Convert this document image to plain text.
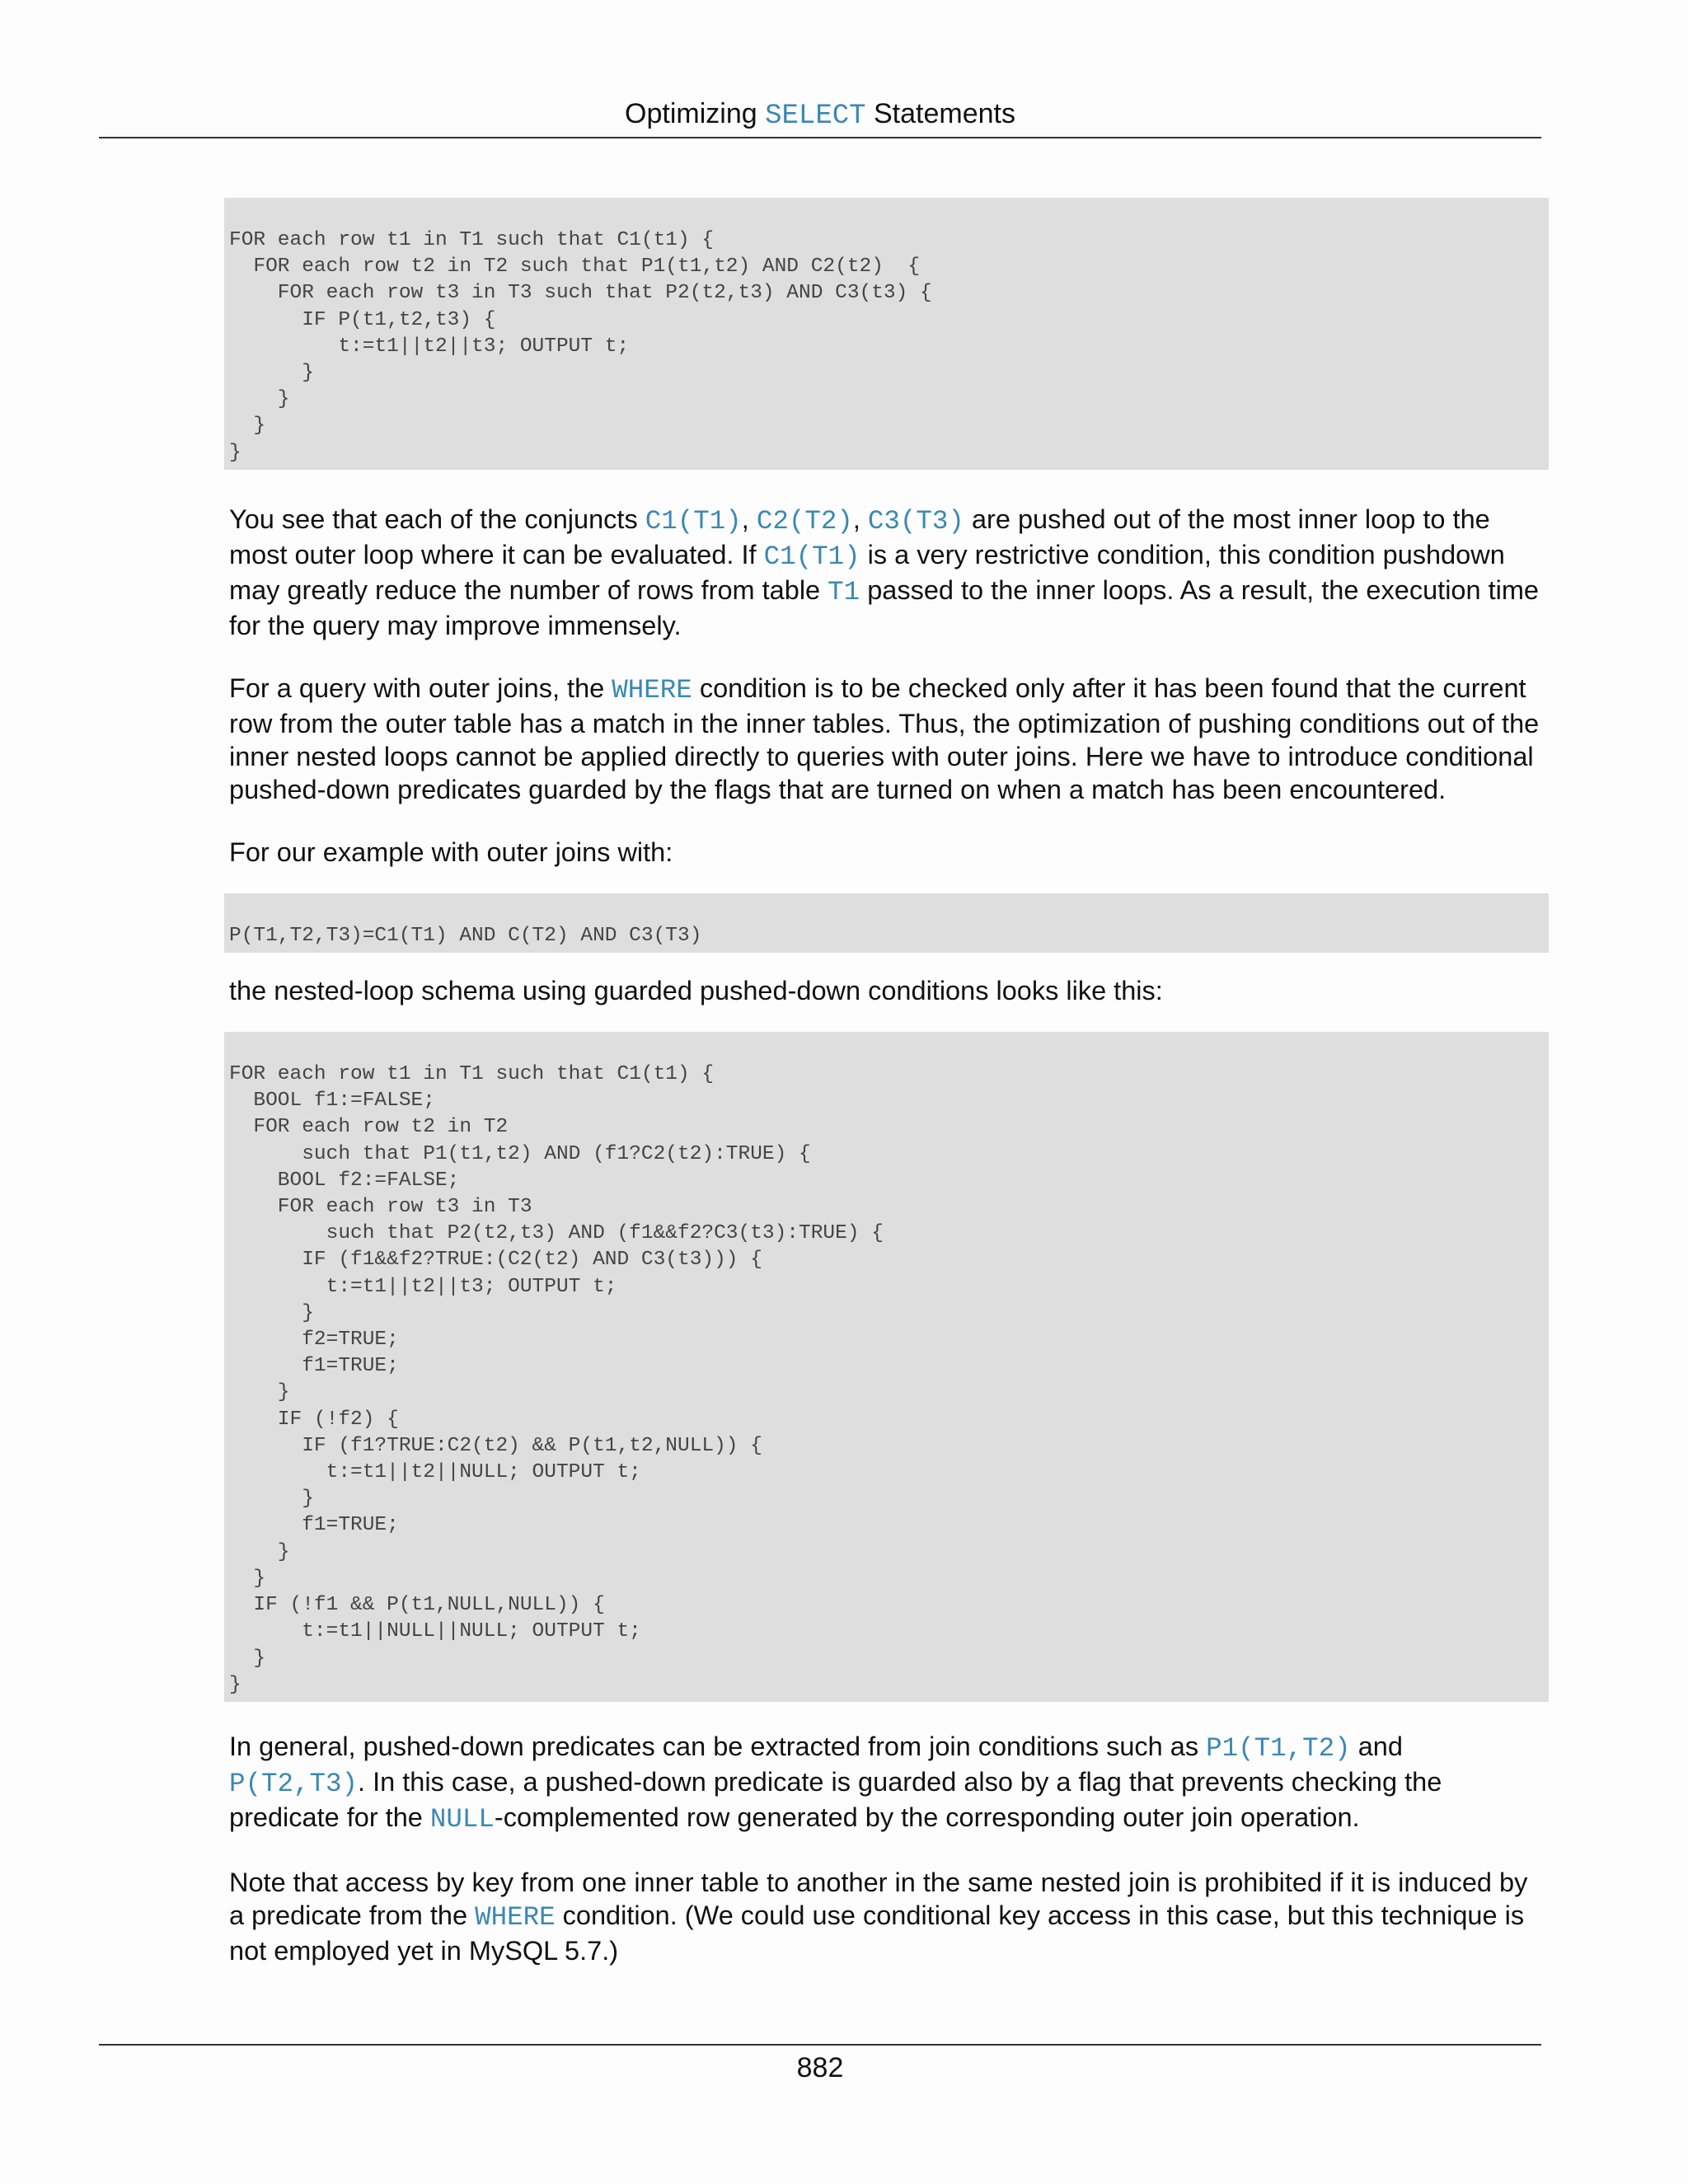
Optimizing SELECT Statements
FOR each row t1 in T1 such that C1(t1) {
FOR each row t2 in T2 such that P1(t1,t2) AND C2(t2)  {
FOR each row t3 in T3 such that P2(t2,t3) AND C3(t3) {
IF P(t1,t2,t3) {
t:=t1||t2||t3; OUTPUT t;
}
}
}
}

You see that each of the conjuncts C1(T1), C2(T2), C3(T3) are pushed out of the most inner loop to the most outer loop where it can be evaluated. If C1(T1) is a very restrictive condition, this condition pushdown may greatly reduce the number of rows from table T1 passed to the inner loops. As a result, the execution time for the query may improve immensely.

For a query with outer joins, the WHERE condition is to be checked only after it has been found that the current row from the outer table has a match in the inner tables. Thus, the optimization of pushing conditions out of the inner nested loops cannot be applied directly to queries with outer joins. Here we have to introduce conditional pushed-down predicates guarded by the flags that are turned on when a match has been encountered.

For our example with outer joins with:

P(T1,T2,T3)=C1(T1) AND C(T2) AND C3(T3)

the nested-loop schema using guarded pushed-down conditions looks like this:

FOR each row t1 in T1 such that C1(t1) {
BOOL f1:=FALSE;
FOR each row t2 in T2
such that P1(t1,t2) AND (f1?C2(t2):TRUE) {
BOOL f2:=FALSE;
FOR each row t3 in T3
such that P2(t2,t3) AND (f1&&f2?C3(t3):TRUE) {
IF (f1&&f2?TRUE:(C2(t2) AND C3(t3))) {
t:=t1||t2||t3; OUTPUT t;
}
f2=TRUE;
f1=TRUE;
}
IF (!f2) {
IF (f1?TRUE:C2(t2) && P(t1,t2,NULL)) {
t:=t1||t2||NULL; OUTPUT t;
}
f1=TRUE;
}
}
IF (!f1 && P(t1,NULL,NULL)) {
t:=t1||NULL||NULL; OUTPUT t;
}
}

In general, pushed-down predicates can be extracted from join conditions such as P1(T1,T2) and P(T2,T3). In this case, a pushed-down predicate is guarded also by a flag that prevents checking the predicate for the NULL-complemented row generated by the corresponding outer join operation.

Note that access by key from one inner table to another in the same nested join is prohibited if it is induced by a predicate from the WHERE condition. (We could use conditional key access in this case, but this technique is not employed yet in MySQL 5.7.)

882
